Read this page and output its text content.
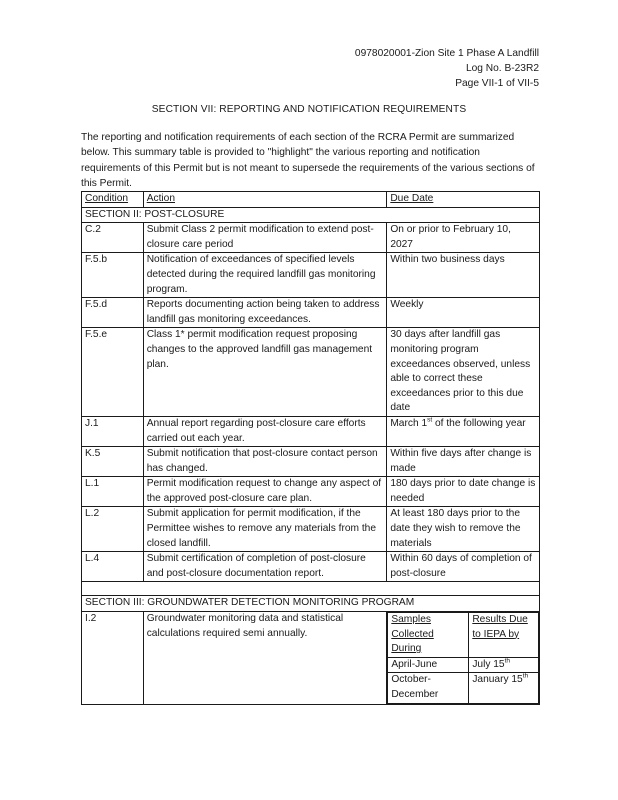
0978020001-Zion Site 1 Phase A Landfill
Log No. B-23R2
Page VII-1 of VII-5
SECTION VII: REPORTING AND NOTIFICATION REQUIREMENTS
The reporting and notification requirements of each section of the RCRA Permit are summarized below. This summary table is provided to "highlight" the various reporting and notification requirements of this Permit but is not meant to supersede the requirements of the various sections of this Permit.
Condition	Action	Due Date
SECTION II: POST-CLOSURE
C.2	Submit Class 2 permit modification to extend post-closure care period	On or prior to February 10, 2027
F.5.b	Notification of exceedances of specified levels detected during the required landfill gas monitoring program.	Within two business days
F.5.d	Reports documenting action being taken to address landfill gas monitoring exceedances.	Weekly
F.5.e	Class 1* permit modification request proposing changes to the approved landfill gas management plan.	30 days after landfill gas monitoring program exceedances observed, unless able to correct these exceedances prior to this due date
J.1	Annual report regarding post-closure care efforts carried out each year.	March 1st of the following year
K.5	Submit notification that post-closure contact person has changed.	Within five days after change is made
L.1	Permit modification request to change any aspect of the approved post-closure care plan.	180 days prior to date change is needed
L.2	Submit application for permit modification, if the Permittee wishes to remove any materials from the closed landfill.	At least 180 days prior to the date they wish to remove the materials
L.4	Submit certification of completion of post-closure and post-closure documentation report.	Within 60 days of completion of post-closure

SECTION III: GROUNDWATER DETECTION MONITORING PROGRAM
I.2	Groundwater monitoring data and statistical calculations required semi annually.	
Samples Collected During	Results Due to IEPA by
April-June	July 15th
October-December	January 15th
